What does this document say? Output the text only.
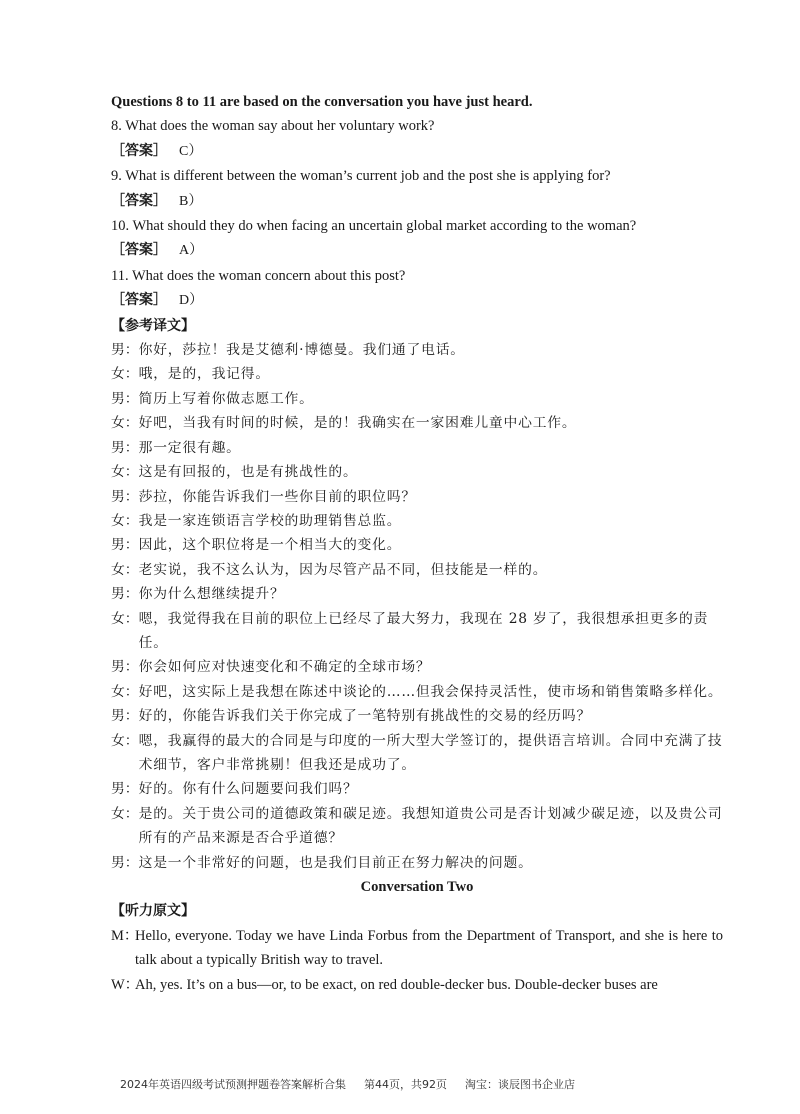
Questions 8 to 11 are based on the conversation you have just heard.
8. What does the woman say about her voluntary work?
［答案］ C）
9. What is different between the woman’s current job and the post she is applying for?
［答案］ B）
10. What should they do when facing an uncertain global market according to the woman?
［答案］ A）
11. What does the woman concern about this post?
［答案］ D）
【参考译文】
男： 你好，莎拉！我是艾德利·博德曼。我们通了电话。
女： 哦，是的，我记得。
男： 简历上写着你做志愿工作。
女： 好吧，当我有时间的时候，是的！我确实在一家困难儿童中心工作。
男： 那一定很有趣。
女： 这是有回报的，也是有挑战性的。
男： 莎拉，你能告诉我们一些你目前的职位吗？
女： 我是一家连锁语言学校的助理销售总监。
男： 因此，这个职位将是一个相当大的变化。
女： 老实说，我不这么认为，因为尽管产品不同，但技能是一样的。
男： 你为什么想继续提升？
女： 嗯，我觉得我在目前的职位上已经尽了最大努力，我现在 28 岁了，我很想承担更多的责任。
男： 你会如何应对快速变化和不确定的全球市场？
女： 好吧，这实际上是我想在陈述中谈论的……但我会保持灵活性，使市场和销售策略多样化。
男： 好的，你能告诉我们关于你完成了一笔特别有挑战性的交易的经历吗？
女： 嗯，我赢得的最大的合同是与印度的一所大型大学签订的，提供语言培训。合同中充满了技术细节，客户非常挑剔！但我还是成功了。
男： 好的。你有什么问题要问我们吗？
女： 是的。关于贵公司的道德政策和碳足迹。我想知道贵公司是否计划减少碳足迹，以及贵公司所有的产品来源是否合乎道德？
男： 这是一个非常好的问题，也是我们目前正在努力解决的问题。
Conversation Two
【听力原文】
M：
Hello, everyone. Today we have Linda Forbus from the Department of Transport, and she is here to talk about a typically British way to travel.
W：
Ah, yes. It’s on a bus—or, to be exact, on red double-decker bus. Double-decker buses are
2024年英语四级考试预测押题卷答案解析合集 第44页，共92页 淘宝：谈辰图书企业店
